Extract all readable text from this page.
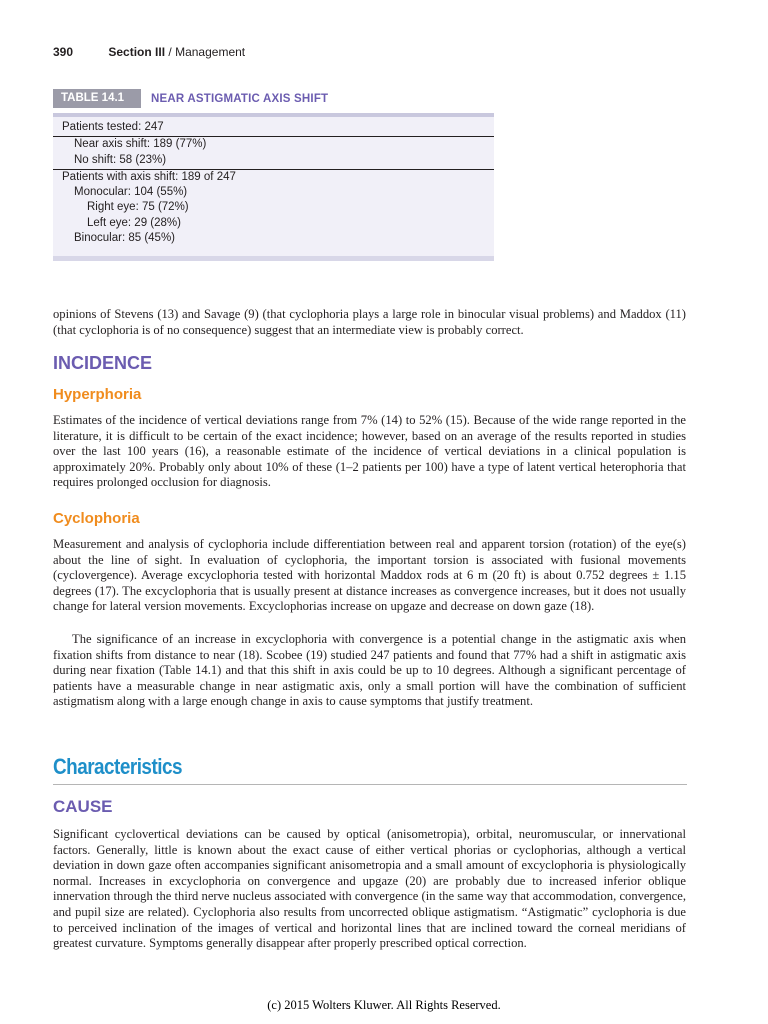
390	Section III / Management
TABLE 14.1	NEAR ASTIGMATIC AXIS SHIFT
Patients tested: 247
Near axis shift: 189 (77%)
No shift: 58 (23%)
Patients with axis shift: 189 of 247
Monocular: 104 (55%)
Right eye: 75 (72%)
Left eye: 29 (28%)
Binocular: 85 (45%)

opinions of Stevens (13) and Savage (9) (that cyclophoria plays a large role in binocular visual problems) and Maddox (11) (that cyclophoria is of no consequence) suggest that an intermediate view is probably correct.

INCIDENCE
Hyperphoria

Estimates of the incidence of vertical deviations range from 7% (14) to 52% (15). Because of the wide range reported in the literature, it is difficult to be certain of the exact incidence; however, based on an average of the results reported in studies over the last 100 years (16), a reasonable estimate of the incidence of vertical deviations in a clinical population is approximately 20%. Probably only about 10% of these (1–2 patients per 100) have a type of latent vertical heterophoria that requires prolonged occlusion for diagnosis.

Cyclophoria

Measurement and analysis of cyclophoria include differentiation between real and apparent torsion (rotation) of the eye(s) about the line of sight. In evaluation of cyclophoria, the important torsion is associated with fusional movements (cyclovergence). Average excyclophoria tested with horizontal Maddox rods at 6 m (20 ft) is about 0.752 degrees ± 1.15 degrees (17). The excyclophoria that is usually present at distance increases as convergence increases, but it does not usually change for lateral version movements. Excyclophorias increase on upgaze and decrease on down gaze (18).

The significance of an increase in excyclophoria with convergence is a potential change in the astigmatic axis when fixation shifts from distance to near (18). Scobee (19) studied 247 patients and found that 77% had a shift in astigmatic axis during near fixation (Table 14.1) and that this shift in axis could be up to 10 degrees. Although a significant percentage of patients have a measurable change in near astigmatic axis, only a small portion will have the combination of sufficient astigmatism along with a large enough change in axis to cause symptoms that justify treatment.

Characteristics
CAUSE

Significant cyclovertical deviations can be caused by optical (anisometropia), orbital, neuromuscular, or innervational factors. Generally, little is known about the exact cause of either vertical phorias or cyclophorias, although a vertical deviation in down gaze often accompanies significant anisometropia and a small amount of excyclophoria is physiologically normal. Increases in excyclophoria on convergence and upgaze (20) are probably due to increased inferior oblique innervation through the third nerve nucleus associated with convergence (in the same way that accommodation, convergence, and pupil size are related). Cyclophoria also results from uncorrected oblique astigmatism. “Astigmatic” cyclophoria is due to perceived inclination of the images of vertical and horizontal lines that are inclined toward the corneal meridians of greatest curvature. Symptoms generally disappear after properly prescribed optical correction.

(c) 2015 Wolters Kluwer. All Rights Reserved.
